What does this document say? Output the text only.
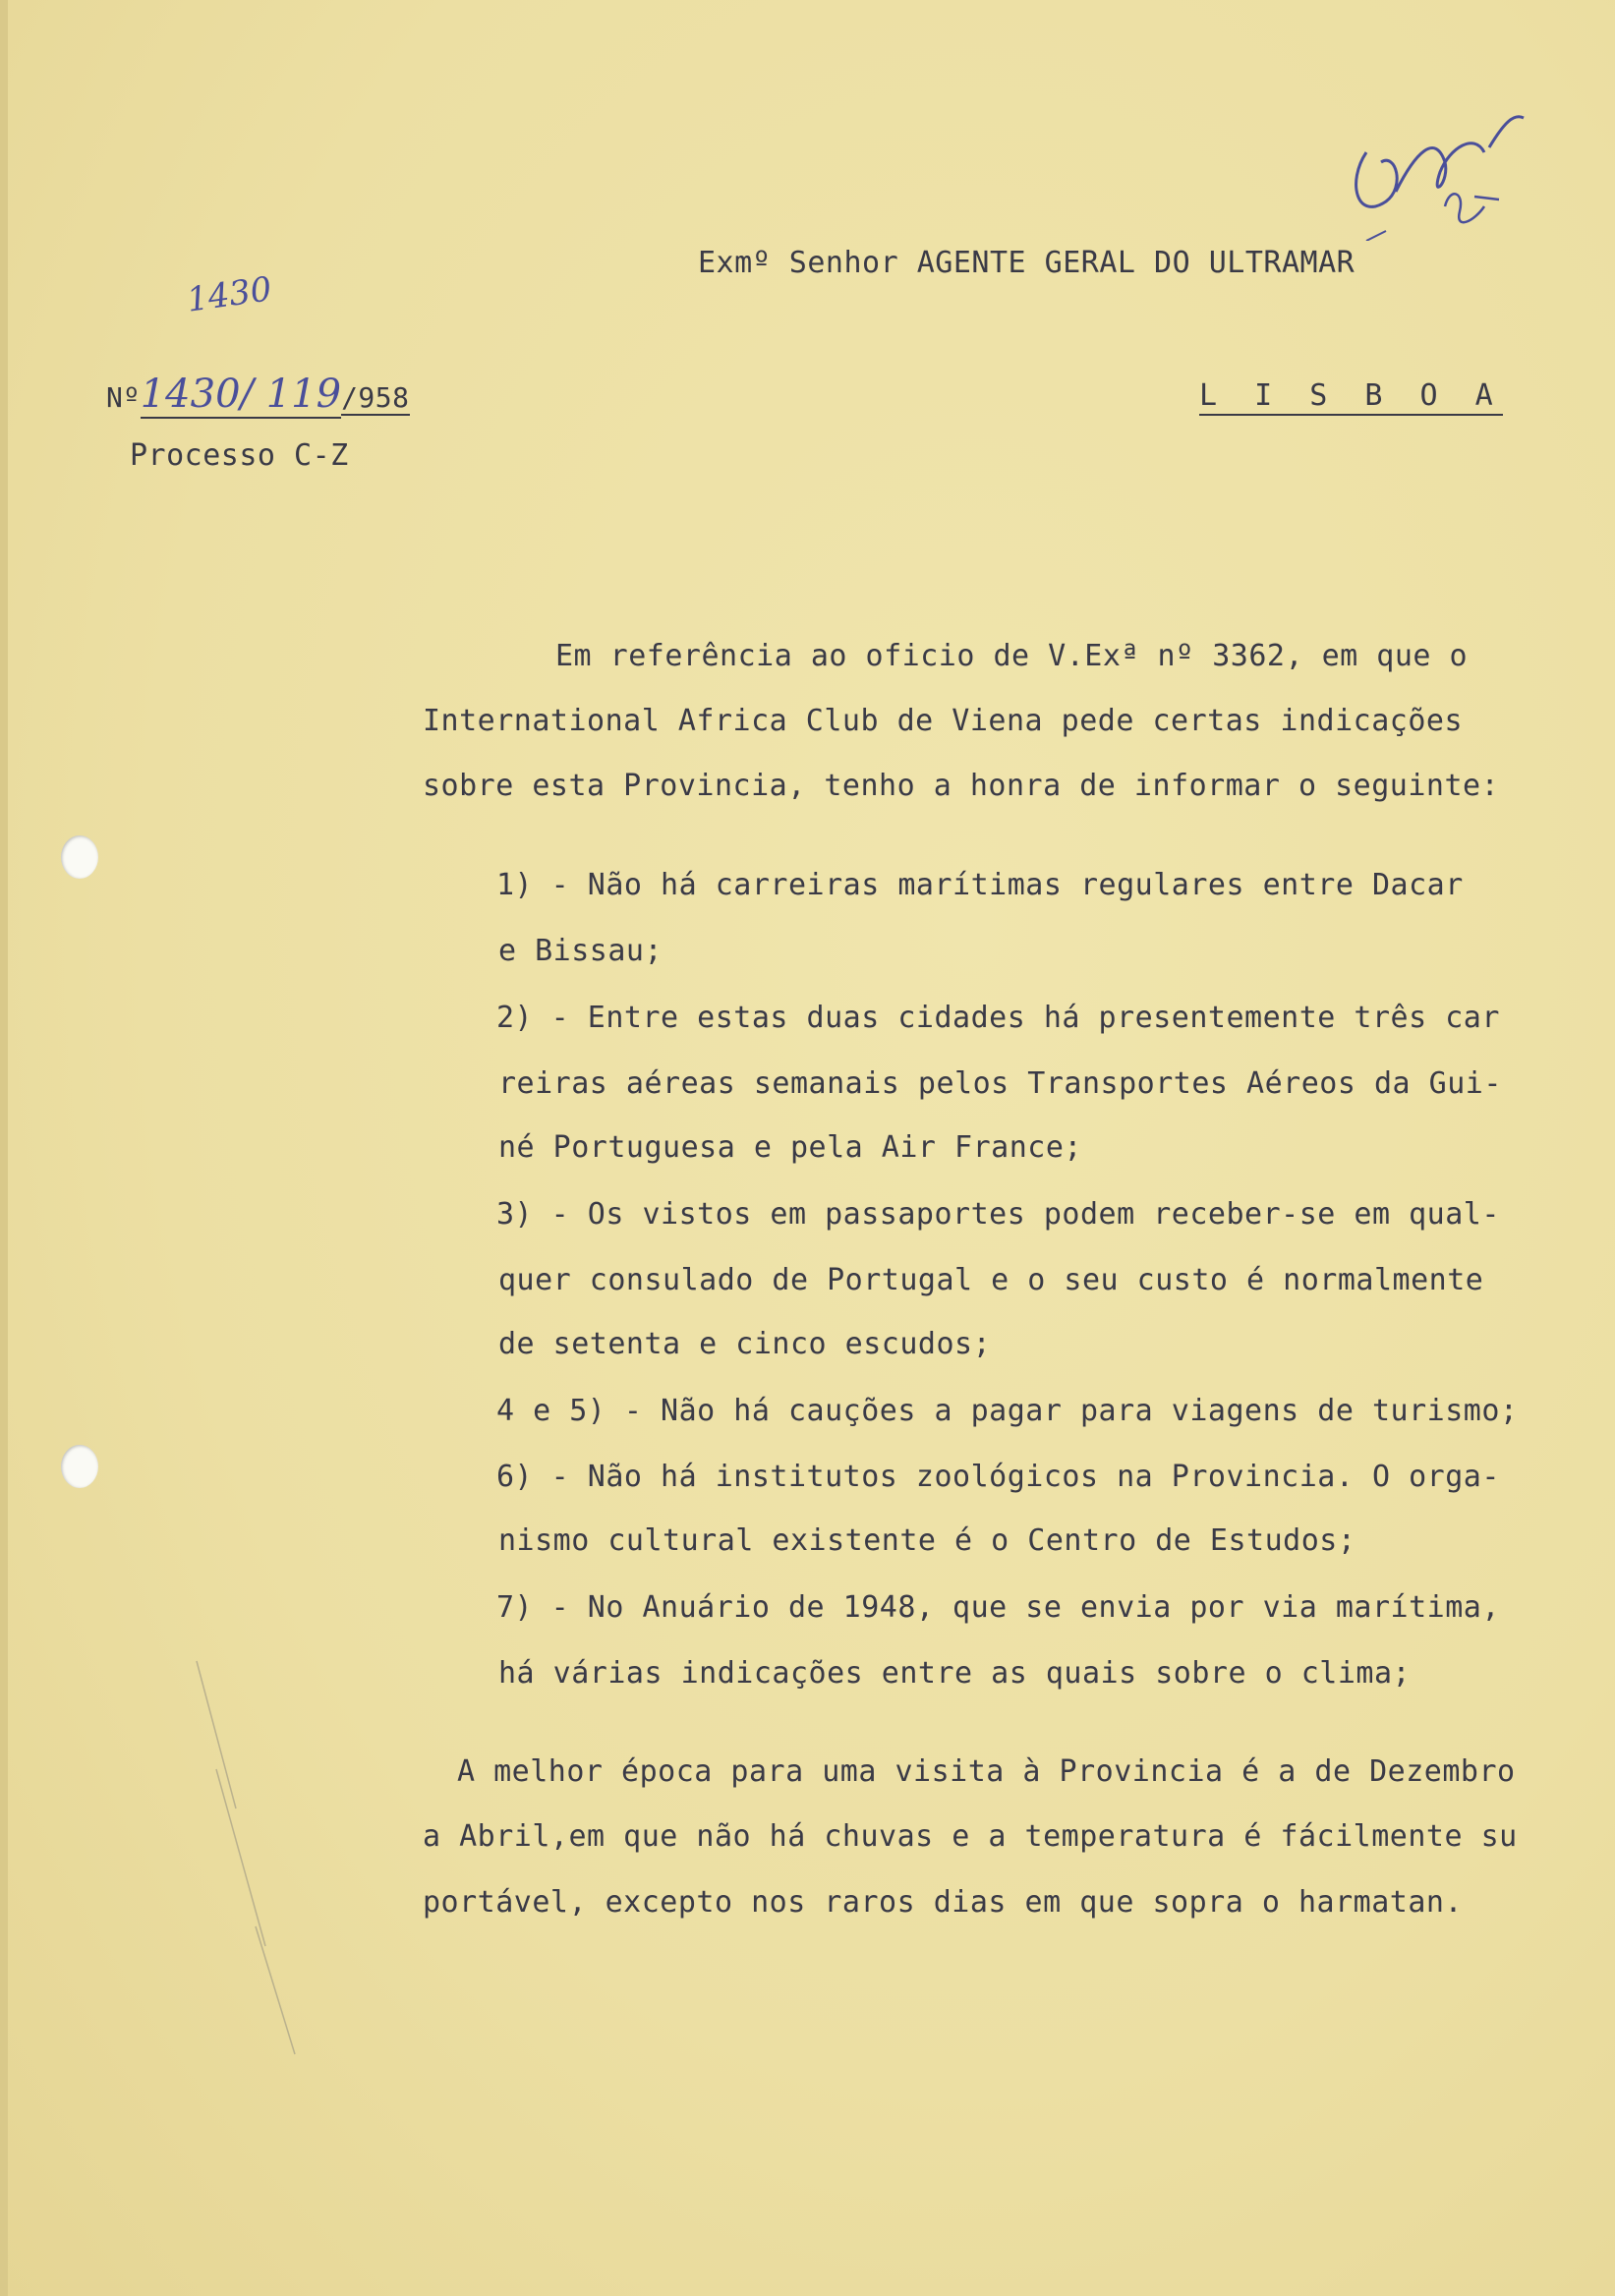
Exmº Senhor AGENTE GERAL DO ULTRAMAR
1430
Nº1430/ 119/958	L I S B O A
Processo C-Z
Em referência ao oficio de V.Exª nº 3362, em que o
International Africa Club de Viena pede certas indicações
sobre esta Provincia, tenho a honra de informar o seguinte:
1) - Não há carreiras marítimas regulares entre Dacar
e Bissau;
2) - Entre estas duas cidades há presentemente três car
reiras aéreas semanais pelos Transportes Aéreos da Gui-
né Portuguesa e pela Air France;
3) - Os vistos em passaportes podem receber-se em qual-
quer consulado de Portugal e o seu custo é normalmente
de setenta e cinco escudos;
4 e 5) - Não há cauções a pagar para viagens de turismo;
6) - Não há institutos zoológicos na Provincia. O orga-
nismo cultural existente é o Centro de Estudos;
7) - No Anuário de 1948, que se envia por via marítima,
há várias indicações entre as quais sobre o clima;
A melhor época para uma visita à Provincia é a de Dezembro
a Abril,em que não há chuvas e a temperatura é fácilmente su
portável, excepto nos raros dias em que sopra o harmatan.
